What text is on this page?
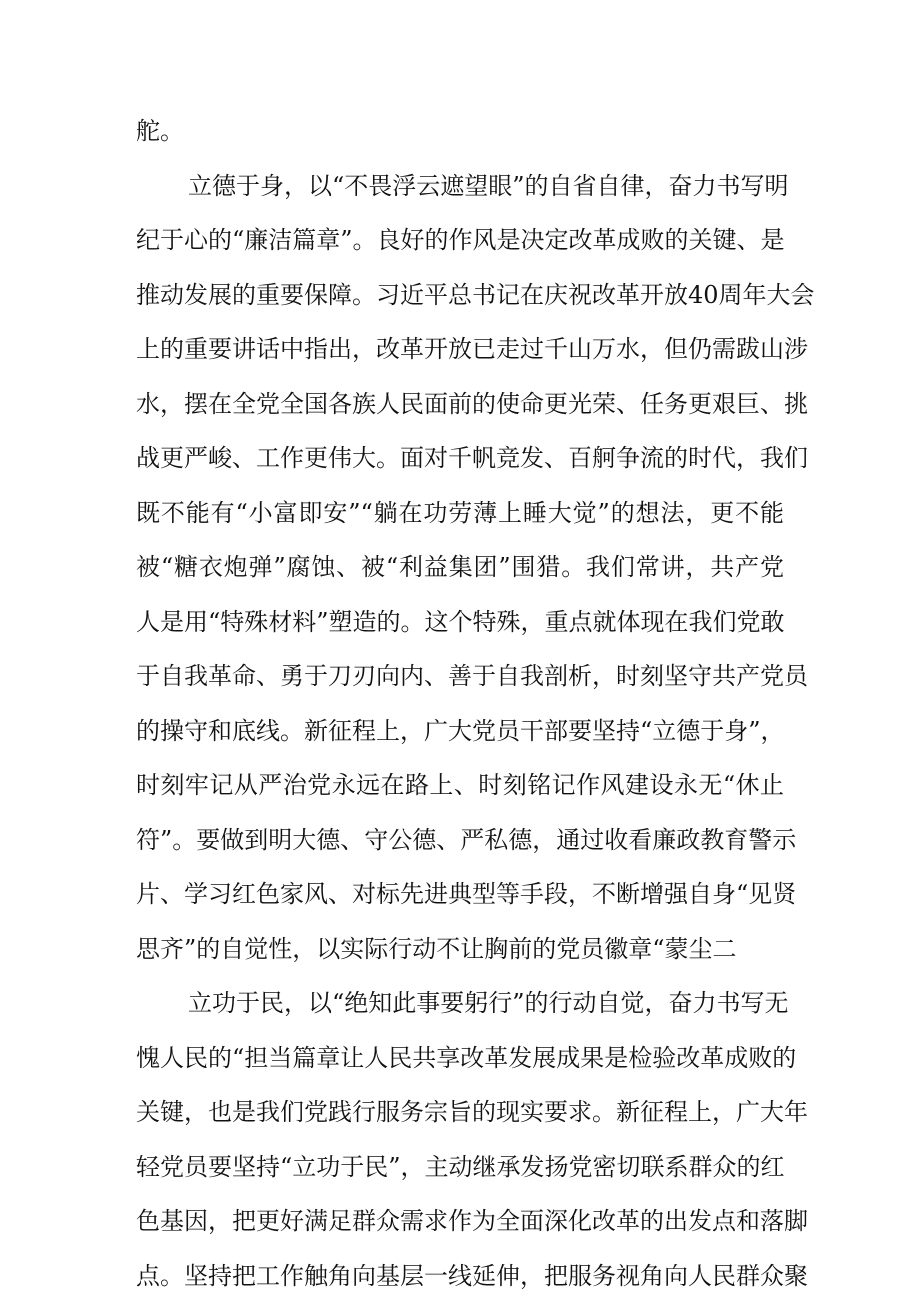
舵。
立德于身，以“不畏浮云遮望眼”的自省自律，奋力书写明
纪于心的“廉洁篇章”。良好的作风是决定改革成败的关键、是
推动发展的重要保障。习近平总书记在庆祝改革开放40周年大会
上的重要讲话中指出，改革开放已走过千山万水，但仍需跋山涉
水，摆在全党全国各族人民面前的使命更光荣、任务更艰巨、挑
战更严峻、工作更伟大。面对千帆竞发、百舸争流的时代，我们
既不能有“小富即安”“躺在功劳薄上睡大觉”的想法，更不能
被“糖衣炮弹”腐蚀、被“利益集团”围猎。我们常讲，共产党
人是用“特殊材料”塑造的。这个特殊，重点就体现在我们党敢
于自我革命、勇于刀刃向内、善于自我剖析，时刻坚守共产党员
的操守和底线。新征程上，广大党员干部要坚持“立德于身”，
时刻牢记从严治党永远在路上、时刻铭记作风建设永无“休止
符”。要做到明大德、守公德、严私德，通过收看廉政教育警示
片、学习红色家风、对标先进典型等手段，不断增强自身“见贤
思齐”的自觉性，以实际行动不让胸前的党员徽章“蒙尘二
立功于民，以“绝知此事要躬行”的行动自觉，奋力书写无
愧人民的“担当篇章让人民共享改革发展成果是检验改革成败的
关键，也是我们党践行服务宗旨的现实要求。新征程上，广大年
轻党员要坚持“立功于民”，主动继承发扬党密切联系群众的红
色基因，把更好满足群众需求作为全面深化改革的出发点和落脚
点。坚持把工作触角向基层一线延伸，把服务视角向人民群众聚
